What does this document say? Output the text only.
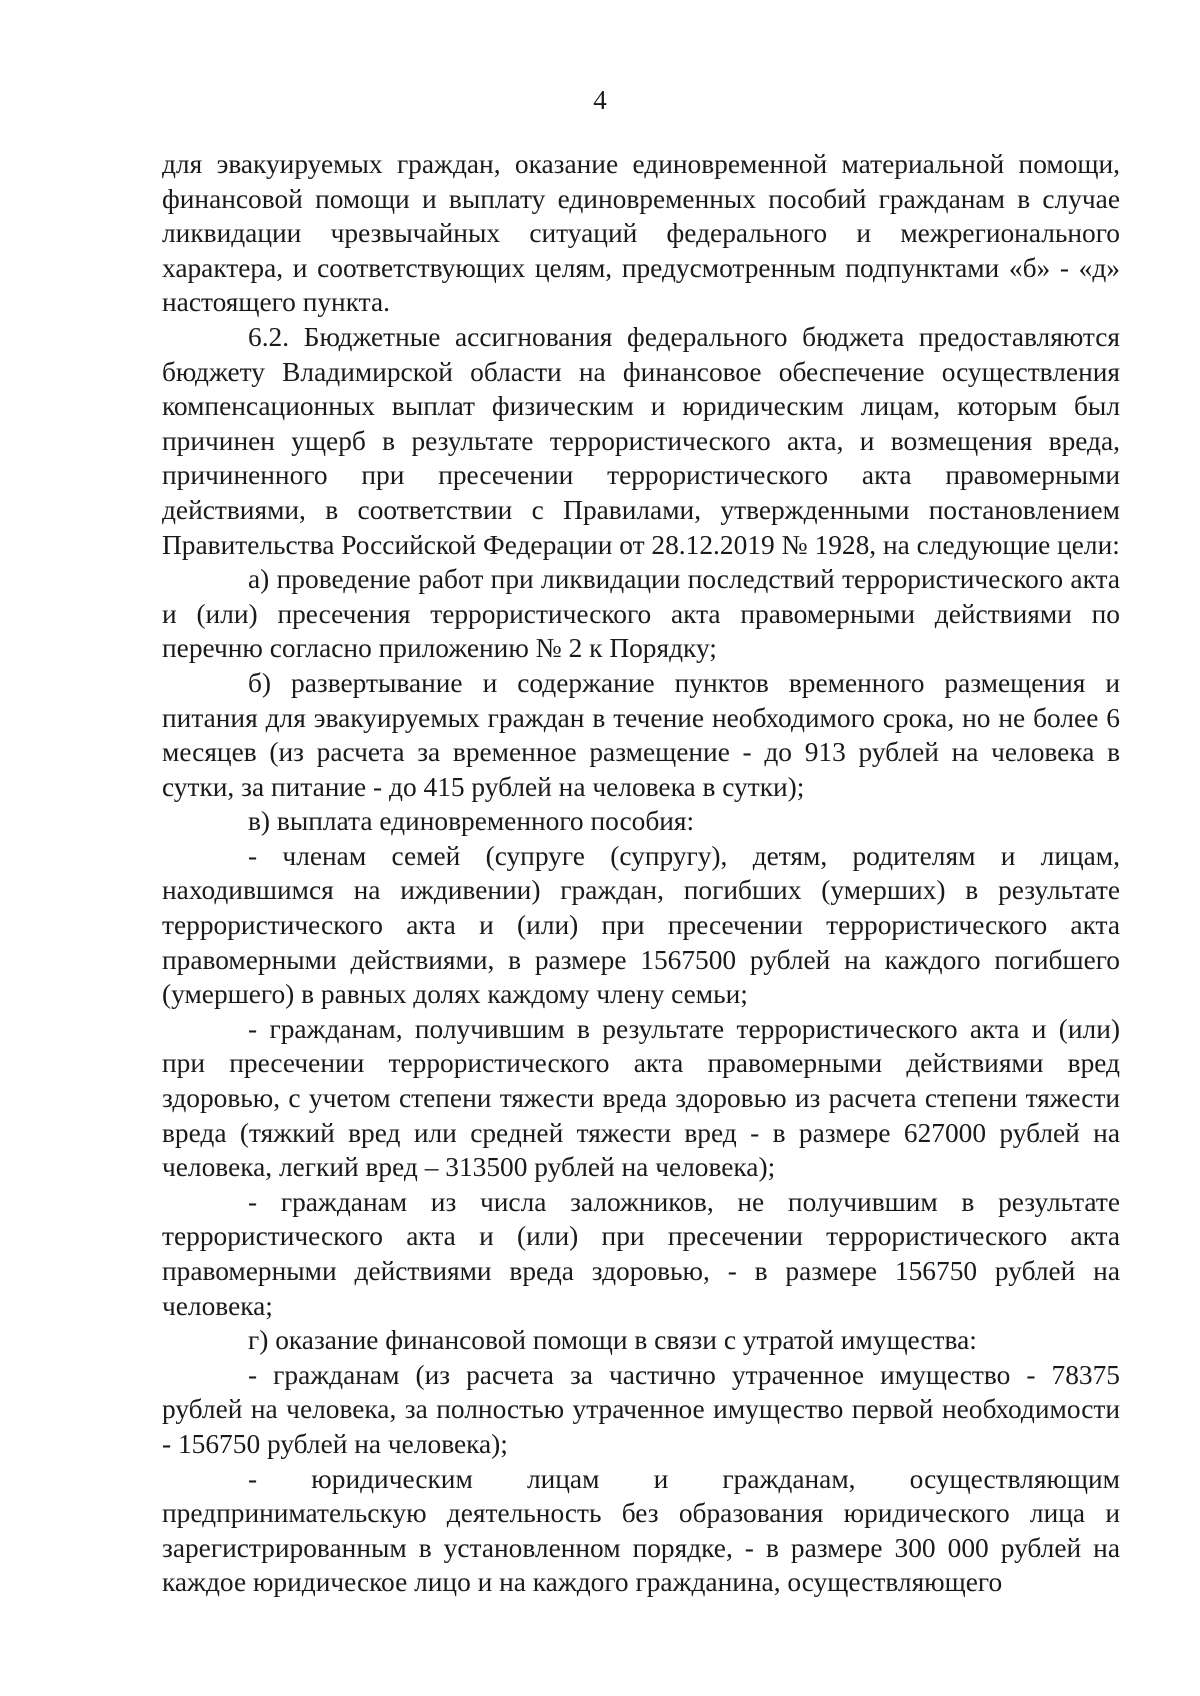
4

для эвакуируемых граждан, оказание единовременной материальной помощи, финансовой помощи и выплату единовременных пособий гражданам в случае ликвидации чрезвычайных ситуаций федерального и межрегионального характера, и соответствующих целям, предусмотренным подпунктами «б» - «д» настоящего пункта.

6.2. Бюджетные ассигнования федерального бюджета предоставляются бюджету Владимирской области на финансовое обеспечение осуществления компенсационных выплат физическим и юридическим лицам, которым был причинен ущерб в результате террористического акта, и возмещения вреда, причиненного при пресечении террористического акта правомерными действиями, в соответствии с Правилами, утвержденными постановлением Правительства Российской Федерации от 28.12.2019 № 1928, на следующие цели:

а) проведение работ при ликвидации последствий террористического акта и (или) пресечения террористического акта правомерными действиями по перечню согласно приложению № 2 к Порядку;

б) развертывание и содержание пунктов временного размещения и питания для эвакуируемых граждан в течение необходимого срока, но не более 6 месяцев (из расчета за временное размещение - до 913 рублей на человека в сутки, за питание - до 415 рублей на человека в сутки);

в) выплата единовременного пособия:

- членам семей (супруге (супругу), детям, родителям и лицам, находившимся на иждивении) граждан, погибших (умерших) в результате террористического акта и (или) при пресечении террористического акта правомерными действиями, в размере 1567500 рублей на каждого погибшего (умершего) в равных долях каждому члену семьи;

- гражданам, получившим в результате террористического акта и (или) при пресечении террористического акта правомерными действиями вред здоровью, с учетом степени тяжести вреда здоровью из расчета степени тяжести вреда (тяжкий вред или средней тяжести вред - в размере 627000 рублей на человека, легкий вред – 313500 рублей на человека);

- гражданам из числа заложников, не получившим в результате террористического акта и (или) при пресечении террористического акта правомерными действиями вреда здоровью, - в размере 156750 рублей на человека;

г) оказание финансовой помощи в связи с утратой имущества:

- гражданам (из расчета за частично утраченное имущество - 78375 рублей на человека, за полностью утраченное имущество первой необходимости - 156750 рублей на человека);

- юридическим лицам и гражданам, осуществляющим предпринимательскую деятельность без образования юридического лица и зарегистрированным в установленном порядке, - в размере 300 000 рублей на каждое юридическое лицо и на каждого гражданина, осуществляющего
